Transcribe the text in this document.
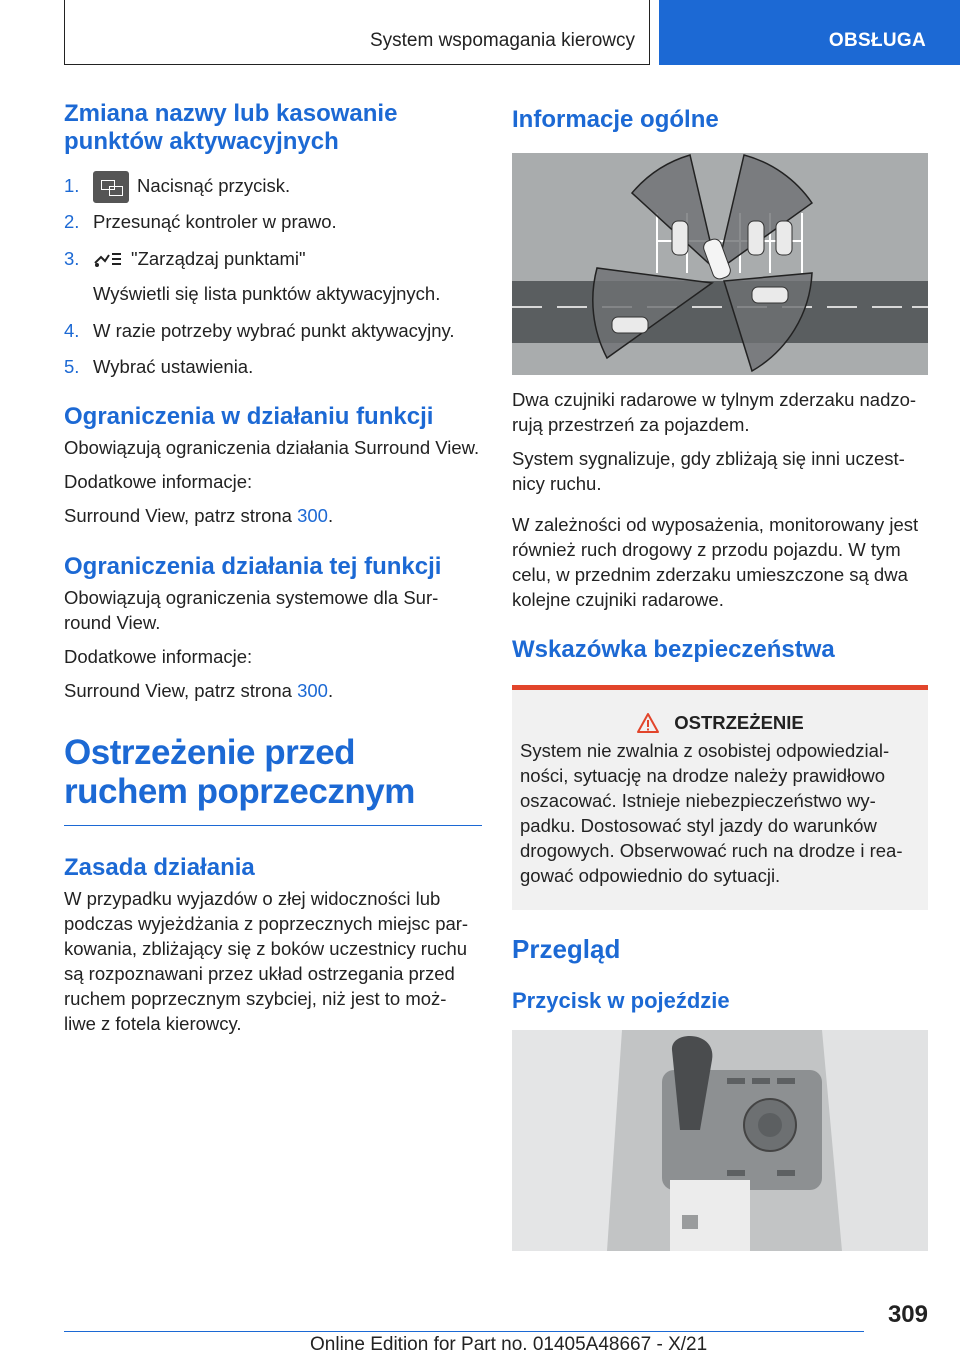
System wspomagania kierowcy	OBSŁUGA
Zmiana nazwy lub kasowanie punktów aktywacyjnych
1.	Nacisnąć przycisk.
2. Przesunąć kontroler w prawo.
3.	"Zarządzaj punktami"
Wyświetli się lista punktów aktywacyjnych.
4. W razie potrzeby wybrać punkt aktywacyjny.
5. Wybrać ustawienia.
Ograniczenia w działaniu funkcji

Obowiązują ograniczenia działania Surround View.

Dodatkowe informacje:

Surround View, patrz strona 300.

Ograniczenia działania tej funkcji

Obowiązują ograniczenia systemowe dla Sur- round View.

Dodatkowe informacje:

Surround View, patrz strona 300.

Ostrzeżenie przed ruchem poprzecznym
Zasada działania

W przypadku wyjazdów o złej widoczności lub podczas wyjeżdżania z poprzecznych miejsc par- kowania, zbliżający się z boków uczestnicy ruchu są rozpoznawani przez układ ostrzegania przed ruchem poprzecznym szybciej, niż jest to moż- liwe z fotela kierowcy.

Informacje ogólne

Dwa czujniki radarowe w tylnym zderzaku nadzo- rują przestrzeń za pojazdem.

System sygnalizuje, gdy zbliżają się inni uczest- nicy ruchu.

W zależności od wyposażenia, monitorowany jest również ruch drogowy z przodu pojazdu. W tym celu, w przednim zderzaku umieszczone są dwa kolejne czujniki radarowe.

Wskazówka bezpieczeństwa
OSTRZEŻENIE

System nie zwalnia z osobistej odpowiedzial- ności, sytuację na drodze należy prawidłowo oszacować. Istnieje niebezpieczeństwo wy- padku. Dostosować styl jazdy do warunków drogowych. Obserwować ruch na drodze i rea- gować odpowiednio do sytuacji.

Przegląd
Przycisk w pojeździe
309
Online Edition for Part no. 01405A48667 - X/21
